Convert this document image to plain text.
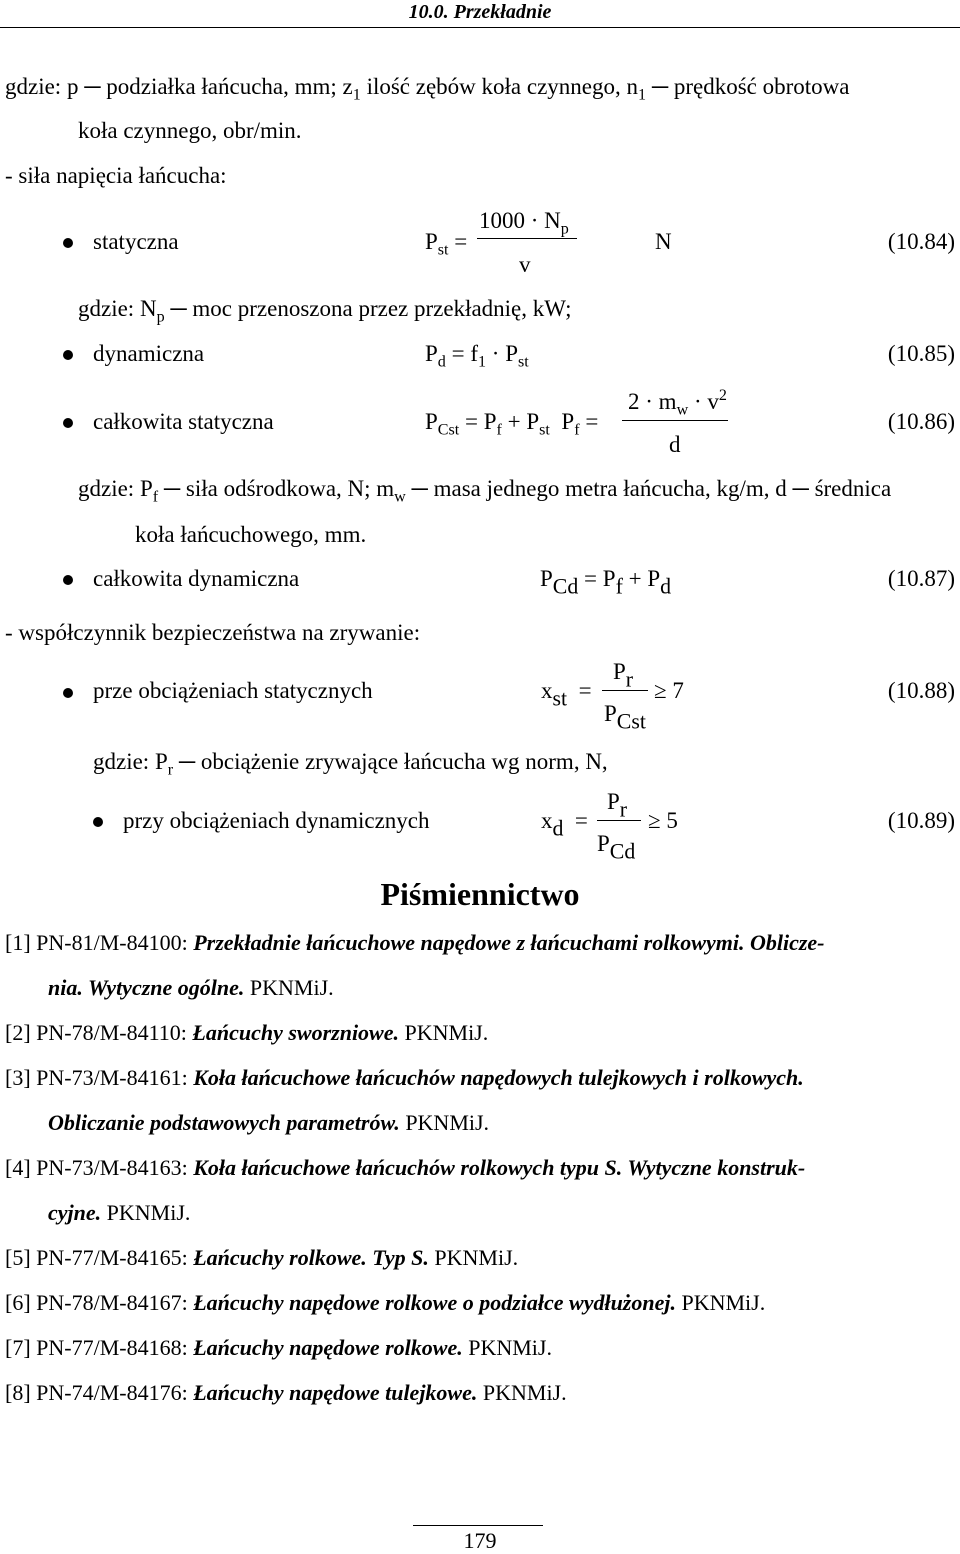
10.0. Przekładnie
gdzie: p ─ podziałka łańcucha, mm; $z_1$ ilość zębów koła czynnego, $n_1$ ─ prędkość obrotowa
koła czynnego, obr/min.
- siła napięcia łańcucha:
statyczna	$P_{st}$ =
$1000 \cdot N_p$
v
N	(10.84)
gdzie: $N_p$ ─ moc przenoszona przez przekładnię, kW;
dynamiczna	$P_d = f_1 \cdot P_{st}$	(10.85)
całkowita statyczna	$P_{Cst} = P_f + P_{st}$ $P_f$ =
$2 \cdot m_w \cdot v^2$
d
(10.86)
gdzie: $P_f$ ─ siła odśrodkowa, N; $m_w$ ─ masa jednego metra łańcucha, kg/m, d ─ średnica
koła łańcuchowego, mm.
całkowita dynamiczna	$P_{Cd} = P_f + P_d$	(10.87)
- współczynnik bezpieczeństwa na zrywanie:
prze obciążeniach statycznych	$x_{st}$ =
$P_r$
$P_{Cst}$
≥ 7	(10.88)
gdzie: $P_r$ ─ obciążenie zrywające łańcucha wg norm, N,
przy obciążeniach dynamicznych	$x_d$ =
$P_r$
$P_{Cd}$
≥ 5	(10.89)
Piśmiennictwo
[1] PN-81/M-84100: Przekładnie łańcuchowe napędowe z łańcuchami rolkowymi. Oblicze-
nia. Wytyczne ogólne. PKNMiJ.
[2] PN-78/M-84110: Łańcuchy sworzniowe. PKNMiJ.
[3] PN-73/M-84161: Koła łańcuchowe łańcuchów napędowych tulejkowych i rolkowych.
Obliczanie podstawowych parametrów. PKNMiJ.
[4] PN-73/M-84163: Koła łańcuchowe łańcuchów rolkowych typu S. Wytyczne konstruk-
cyjne. PKNMiJ.
[5] PN-77/M-84165: Łańcuchy rolkowe. Typ S. PKNMiJ.
[6] PN-78/M-84167: Łańcuchy napędowe rolkowe o podziałce wydłużonej. PKNMiJ.
[7] PN-77/M-84168: Łańcuchy napędowe rolkowe. PKNMiJ.
[8] PN-74/M-84176: Łańcuchy napędowe tulejkowe. PKNMiJ.
179
